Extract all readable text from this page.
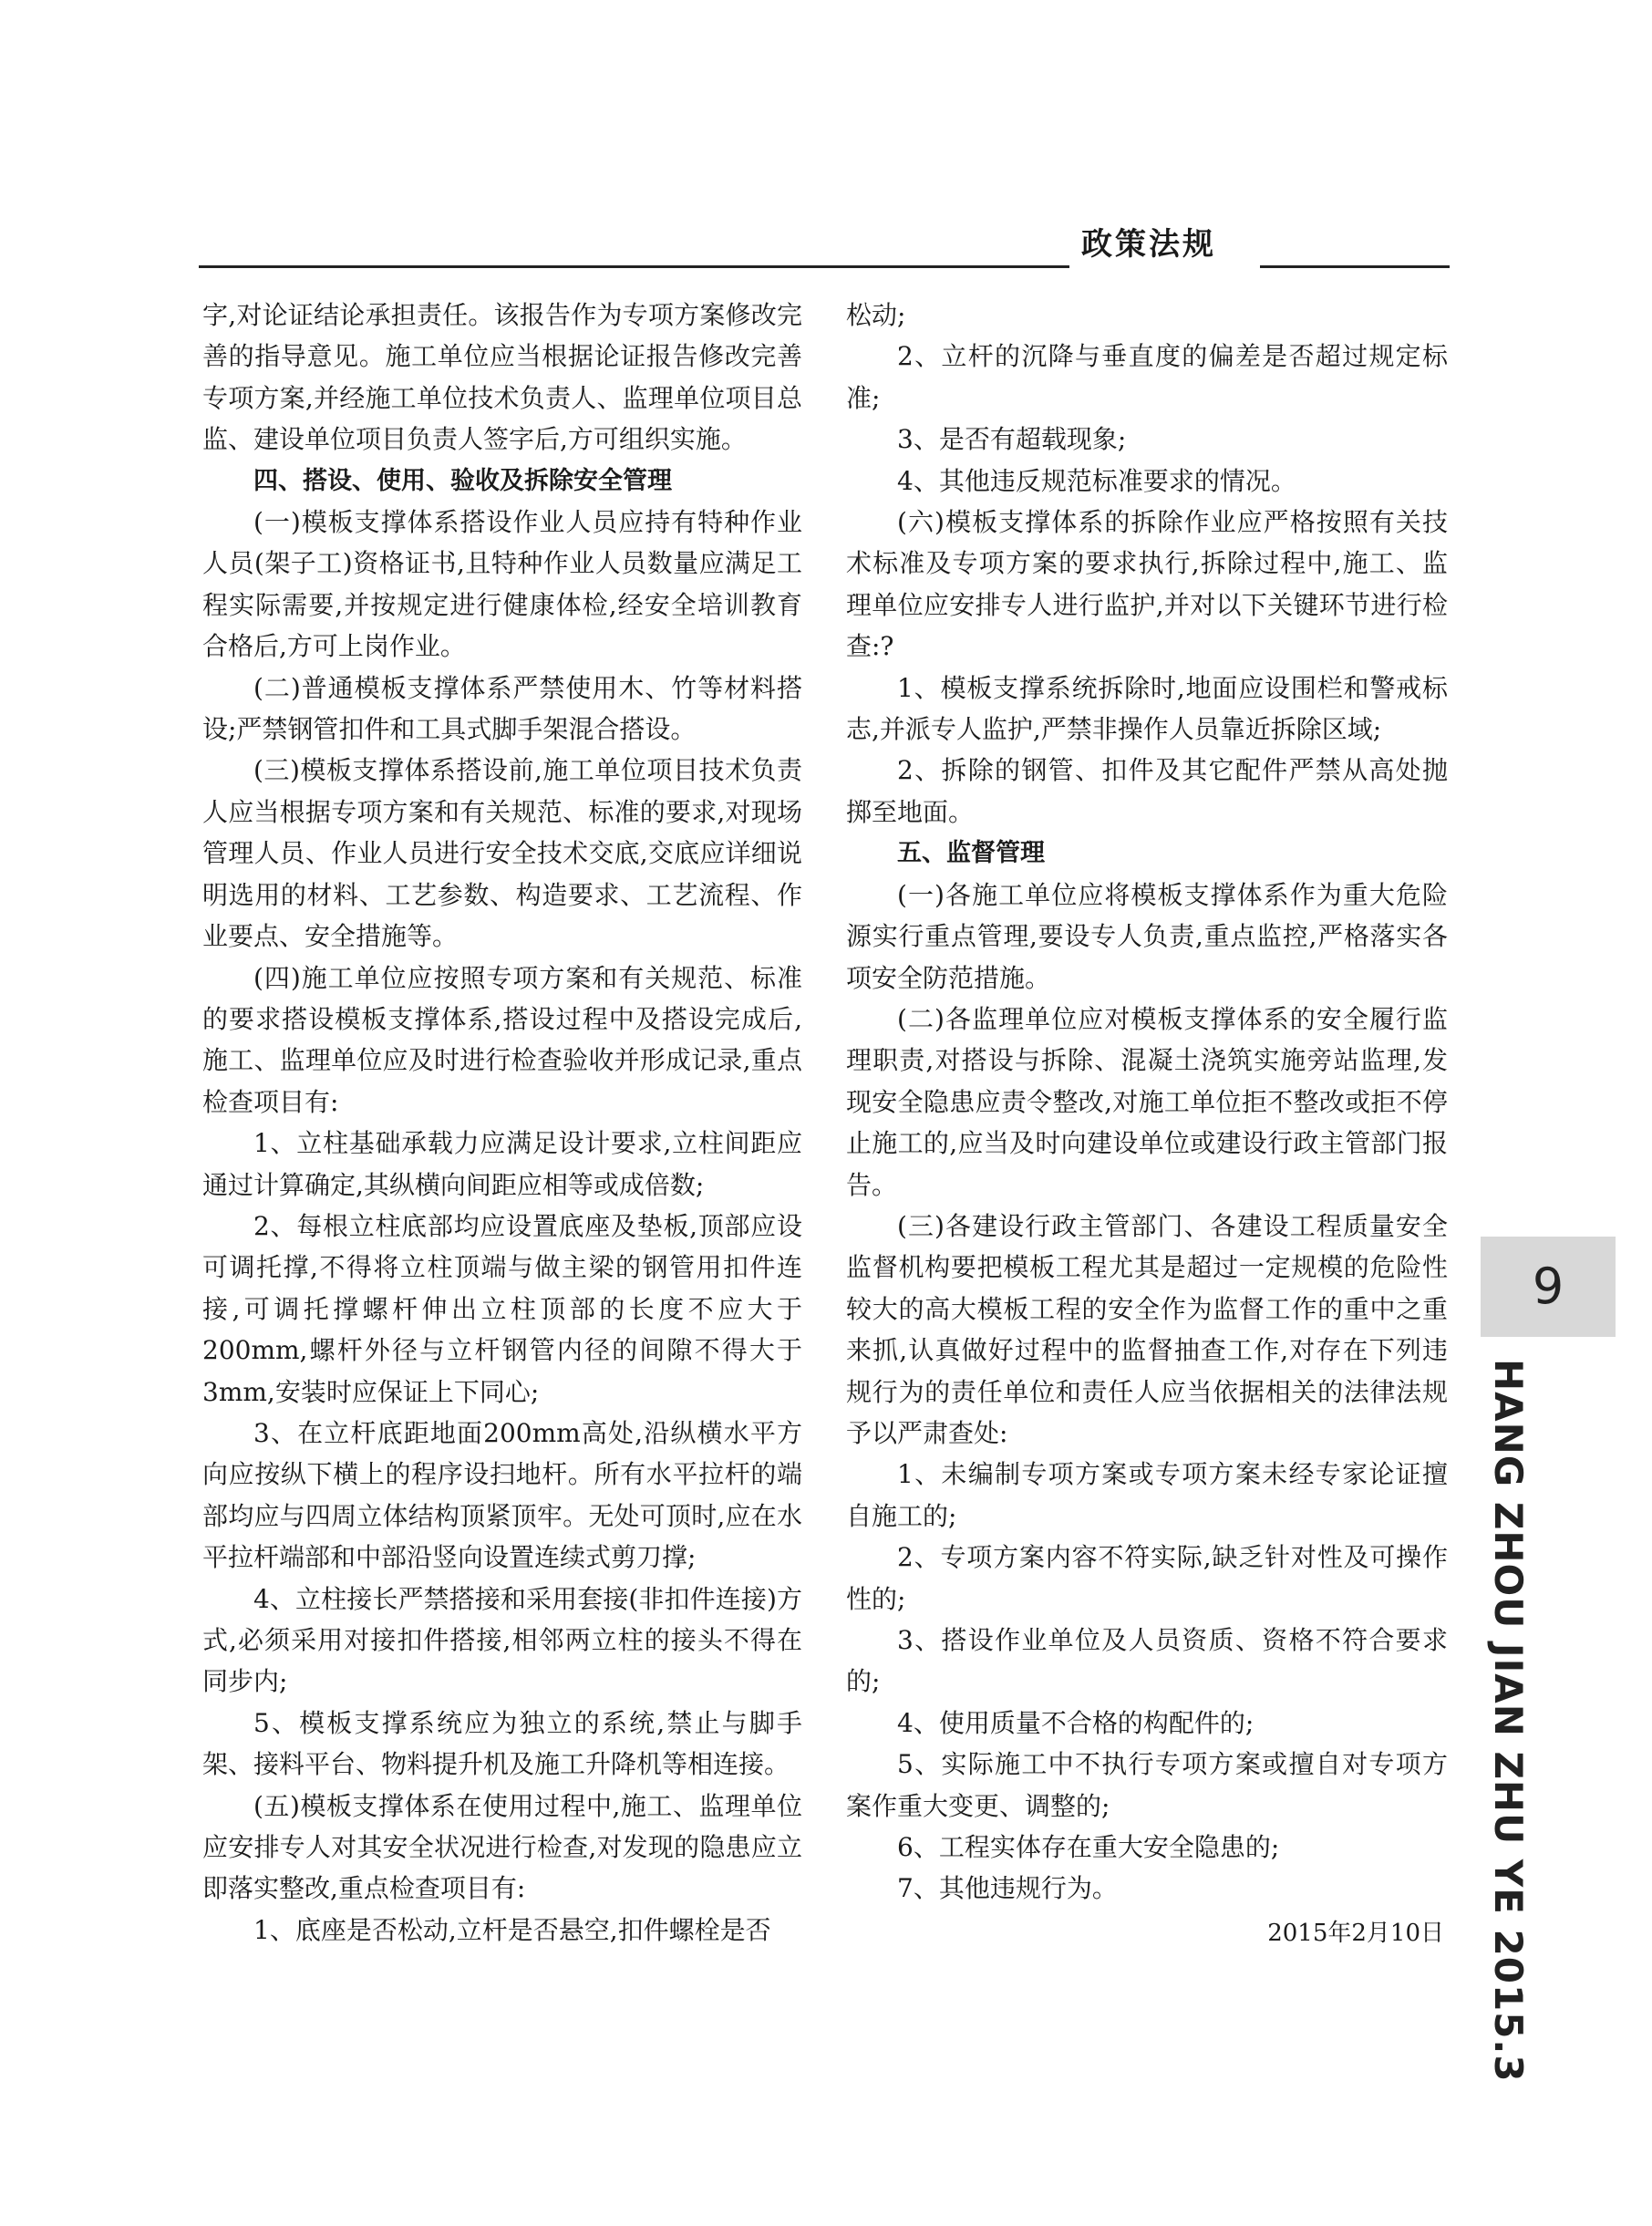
政策法规

字,对论证结论承担责任。该报告作为专项方案修改完善的指导意见。施工单位应当根据论证报告修改完善专项方案,并经施工单位技术负责人、监理单位项目总监、建设单位项目负责人签字后,方可组织实施。

四、搭设、使用、验收及拆除安全管理

(一)模板支撑体系搭设作业人员应持有特种作业人员(架子工)资格证书,且特种作业人员数量应满足工程实际需要,并按规定进行健康体检,经安全培训教育合格后,方可上岗作业。

(二)普通模板支撑体系严禁使用木、竹等材料搭设;严禁钢管扣件和工具式脚手架混合搭设。

(三)模板支撑体系搭设前,施工单位项目技术负责人应当根据专项方案和有关规范、标准的要求,对现场管理人员、作业人员进行安全技术交底,交底应详细说明选用的材料、工艺参数、构造要求、工艺流程、作业要点、安全措施等。

(四)施工单位应按照专项方案和有关规范、标准的要求搭设模板支撑体系,搭设过程中及搭设完成后,施工、监理单位应及时进行检查验收并形成记录,重点检查项目有:

1、立柱基础承载力应满足设计要求,立柱间距应通过计算确定,其纵横向间距应相等或成倍数;

2、每根立柱底部均应设置底座及垫板,顶部应设可调托撑,不得将立柱顶端与做主梁的钢管用扣件连接,可调托撑螺杆伸出立柱顶部的长度不应大于200mm,螺杆外径与立杆钢管内径的间隙不得大于3mm,安装时应保证上下同心;

3、在立杆底距地面200mm高处,沿纵横水平方向应按纵下横上的程序设扫地杆。所有水平拉杆的端部均应与四周立体结构顶紧顶牢。无处可顶时,应在水平拉杆端部和中部沿竖向设置连续式剪刀撑;

4、立柱接长严禁搭接和采用套接(非扣件连接)方式,必须采用对接扣件搭接,相邻两立柱的接头不得在同步内;

5、模板支撑系统应为独立的系统,禁止与脚手架、接料平台、物料提升机及施工升降机等相连接。

(五)模板支撑体系在使用过程中,施工、监理单位应安排专人对其安全状况进行检查,对发现的隐患应立即落实整改,重点检查项目有:

1、底座是否松动,立杆是否悬空,扣件螺栓是否

松动;

2、立杆的沉降与垂直度的偏差是否超过规定标准;

3、是否有超载现象;

4、其他违反规范标准要求的情况。

(六)模板支撑体系的拆除作业应严格按照有关技术标准及专项方案的要求执行,拆除过程中,施工、监理单位应安排专人进行监护,并对以下关键环节进行检查:?

1、模板支撑系统拆除时,地面应设围栏和警戒标志,并派专人监护,严禁非操作人员靠近拆除区域;

2、拆除的钢管、扣件及其它配件严禁从高处抛掷至地面。

五、监督管理

(一)各施工单位应将模板支撑体系作为重大危险源实行重点管理,要设专人负责,重点监控,严格落实各项安全防范措施。

(二)各监理单位应对模板支撑体系的安全履行监理职责,对搭设与拆除、混凝土浇筑实施旁站监理,发现安全隐患应责令整改,对施工单位拒不整改或拒不停止施工的,应当及时向建设单位或建设行政主管部门报告。

(三)各建设行政主管部门、各建设工程质量安全监督机构要把模板工程尤其是超过一定规模的危险性较大的高大模板工程的安全作为监督工作的重中之重来抓,认真做好过程中的监督抽查工作,对存在下列违规行为的责任单位和责任人应当依据相关的法律法规予以严肃查处:

1、未编制专项方案或专项方案未经专家论证擅自施工的;

2、专项方案内容不符实际,缺乏针对性及可操作性的;

3、搭设作业单位及人员资质、资格不符合要求的;

4、使用质量不合格的构配件的;

5、实际施工中不执行专项方案或擅自对专项方案作重大变更、调整的;

6、工程实体存在重大安全隐患的;

7、其他违规行为。

2015年2月10日

9
HANG ZHOU JIAN ZHU YE 2015.3
